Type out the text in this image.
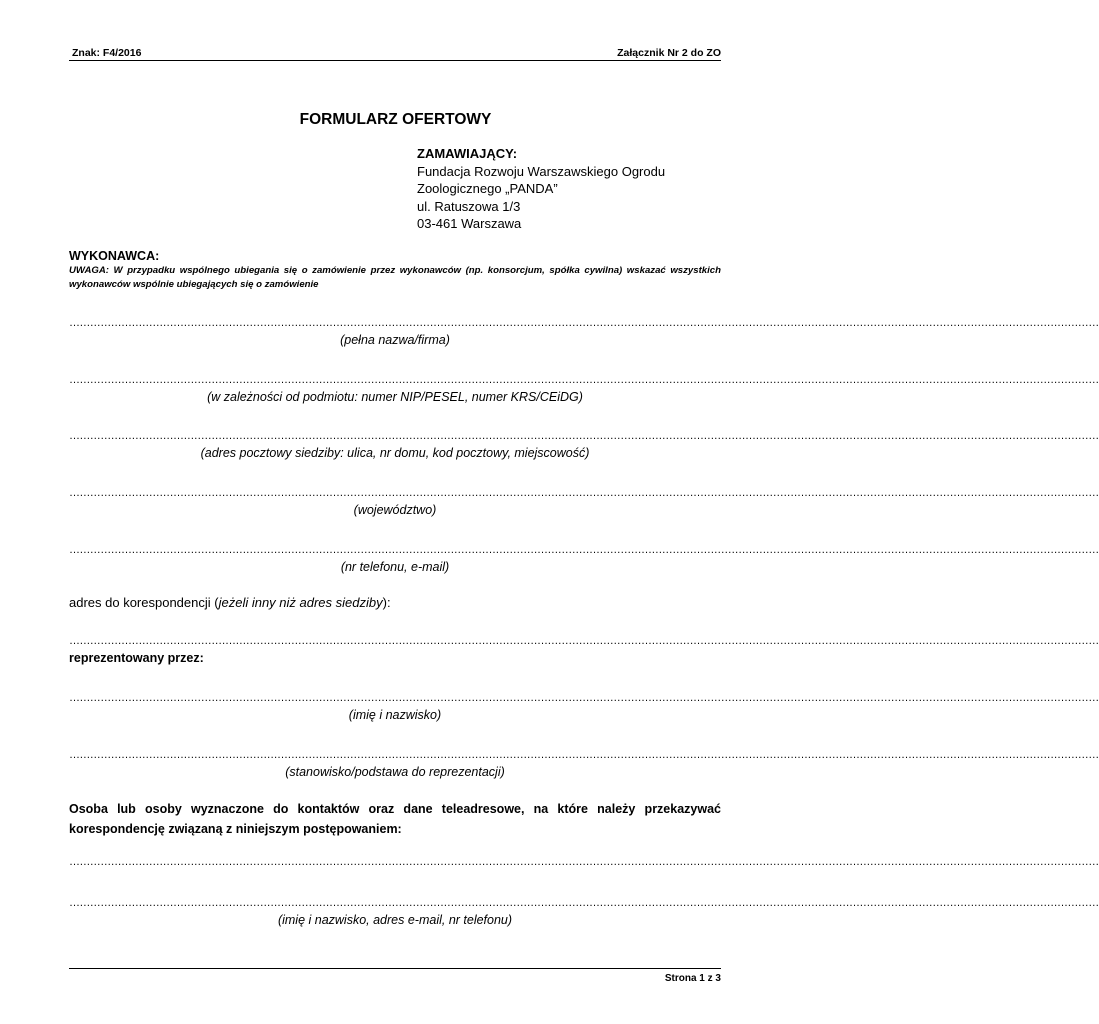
Znak: F4/2016	Załącznik Nr 2 do ZO
FORMULARZ OFERTOWY
ZAMAWIAJĄCY:
Fundacja Rozwoju Warszawskiego Ogrodu
Zoologicznego „PANDA”
ul. Ratuszowa 1/3
03-461 Warszawa
WYKONAWCA:
UWAGA: W przypadku wspólnego ubiegania się o zamówienie przez wykonawców (np. konsorcjum, spółka cywilna) wskazać wszystkich wykonawców wspólnie ubiegających się o zamówienie
………………………………………………………………………………………………………………………………………………………………………………………………………………………………………………………………………
(pełna nazwa/firma)
………………………………………………………………………………………………………………………………………………………………………………………………………………………………………………………………………
(w zależności od podmiotu: numer NIP/PESEL, numer KRS/CEiDG)
………………………………………………………………………………………………………………………………………………………………………………………………………………………………………………………………………
(adres pocztowy siedziby: ulica, nr domu, kod pocztowy, miejscowość)
………………………………………………………………………………………………………………………………………………………………………………………………………………………………………………………………………
(województwo)
………………………………………………………………………………………………………………………………………………………………………………………………………………………………………………………………………
(nr telefonu, e-mail)
adres do korespondencji (jeżeli inny niż adres siedziby):
………………………………………………………………………………………………………………………………………………………………………………………………………………………………………………………………………
reprezentowany przez:
………………………………………………………………………………………………………………………………………………………………………………………………………………………………………………………………………
(imię i nazwisko)
………………………………………………………………………………………………………………………………………………………………………………………………………………………………………………………………………
(stanowisko/podstawa do reprezentacji)
Osoba lub osoby wyznaczone do kontaktów oraz dane teleadresowe, na które należy przekazywać korespondencję związaną z niniejszym postępowaniem:
………………………………………………………………………………………………………………………………………………………………………………………………………………………………………………………………………
………………………………………………………………………………………………………………………………………………………………………………………………………………………………………………………………………
(imię i nazwisko, adres e-mail, nr telefonu)
Strona 1 z 3
